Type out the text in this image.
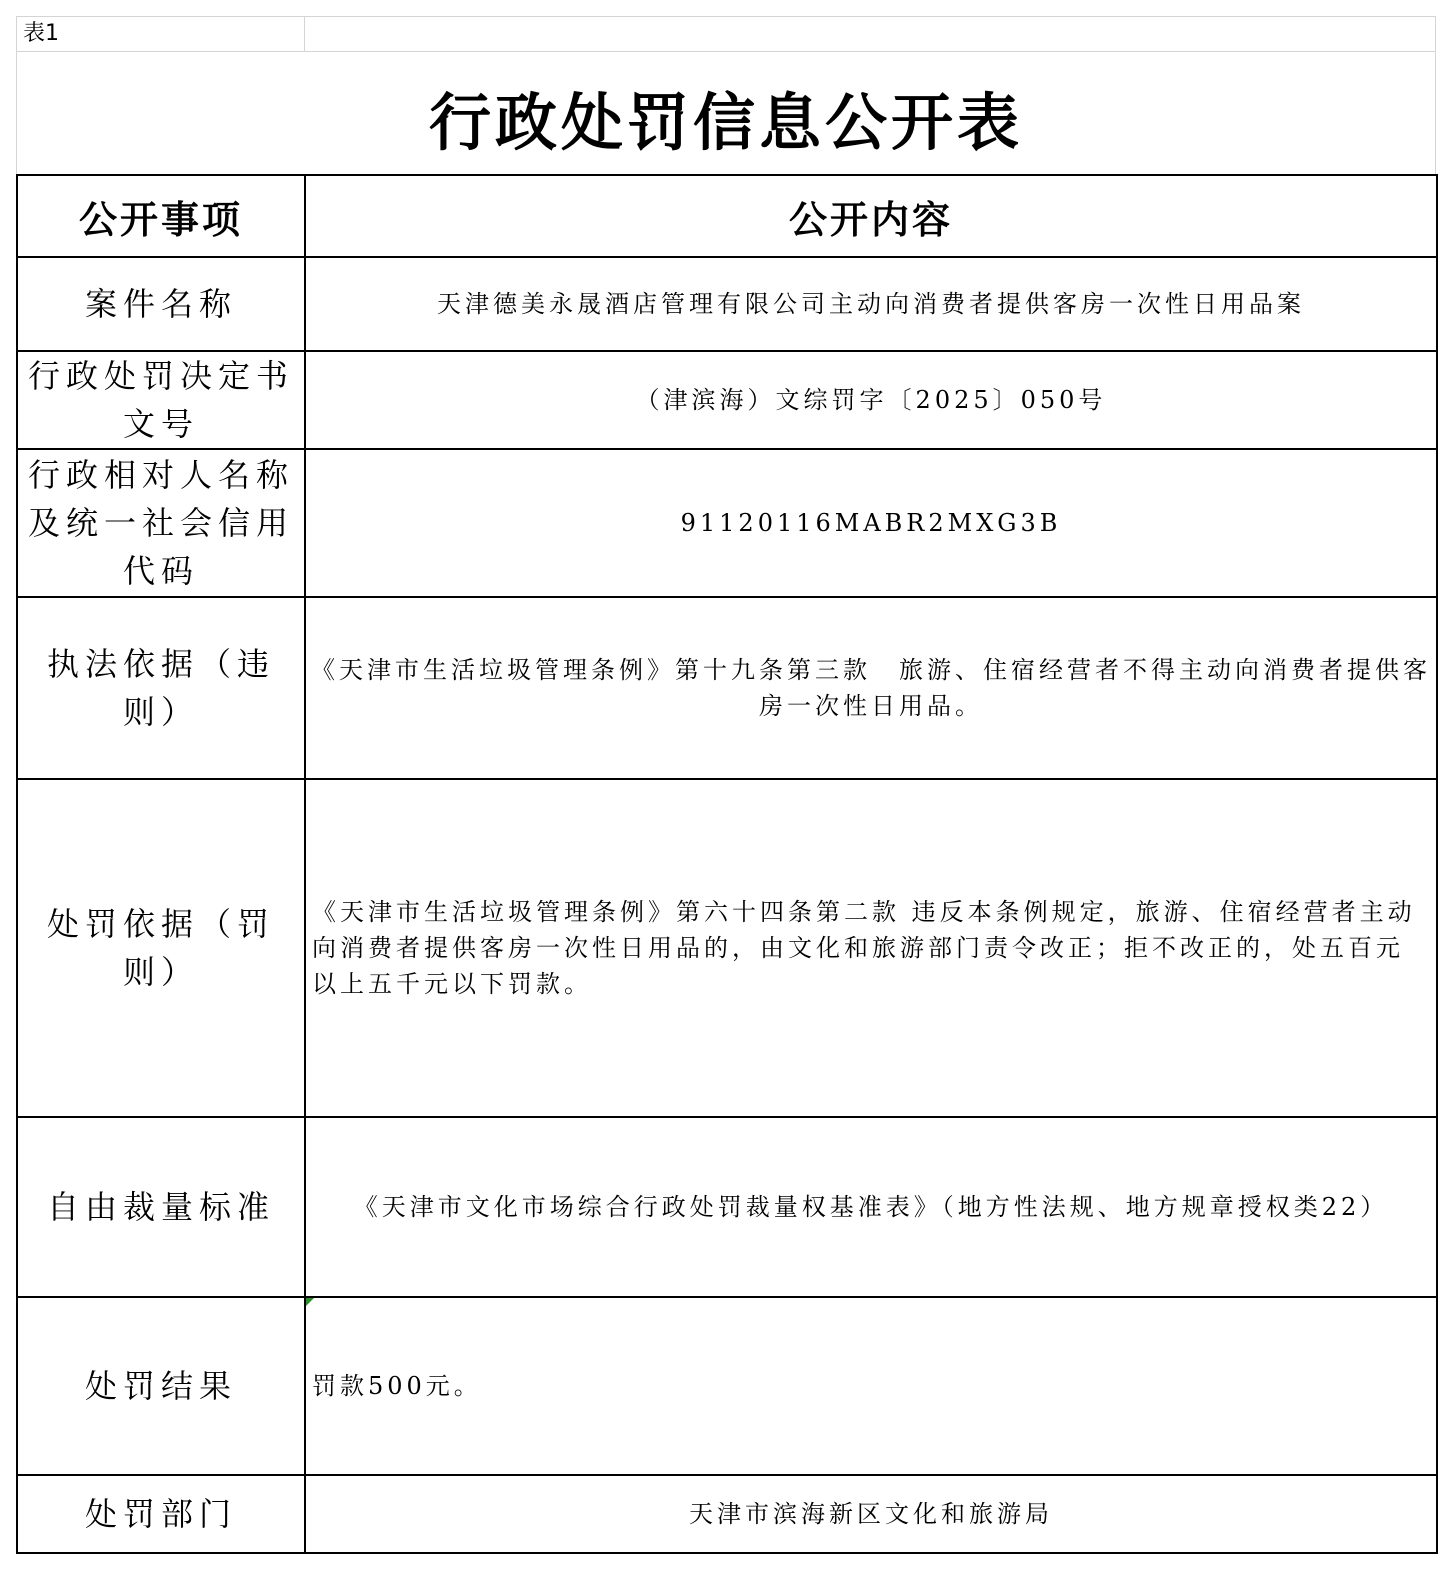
表1
行政处罚信息公开表
公开事项	公开内容
案件名称	天津德美永晟酒店管理有限公司主动向消费者提供客房一次性日用品案
行政处罚决定书文号	（津滨海）文综罚字〔2025〕050号
行政相对人名称及统一社会信用代码	91120116MABR2MXG3B
执法依据（违则）	《天津市生活垃圾管理条例》第十九条第三款　旅游、住宿经营者不得主动向消费者提供客房一次性日用品。
处罚依据（罚则）	《天津市生活垃圾管理条例》第六十四条第二款 违反本条例规定，旅游、住宿经营者主动向消费者提供客房一次性日用品的，由文化和旅游部门责令改正；拒不改正的，处五百元以上五千元以下罚款。
自由裁量标准	《天津市文化市场综合行政处罚裁量权基准表》（地方性法规、地方规章授权类22）
处罚结果	罚款500元。
处罚部门	天津市滨海新区文化和旅游局
